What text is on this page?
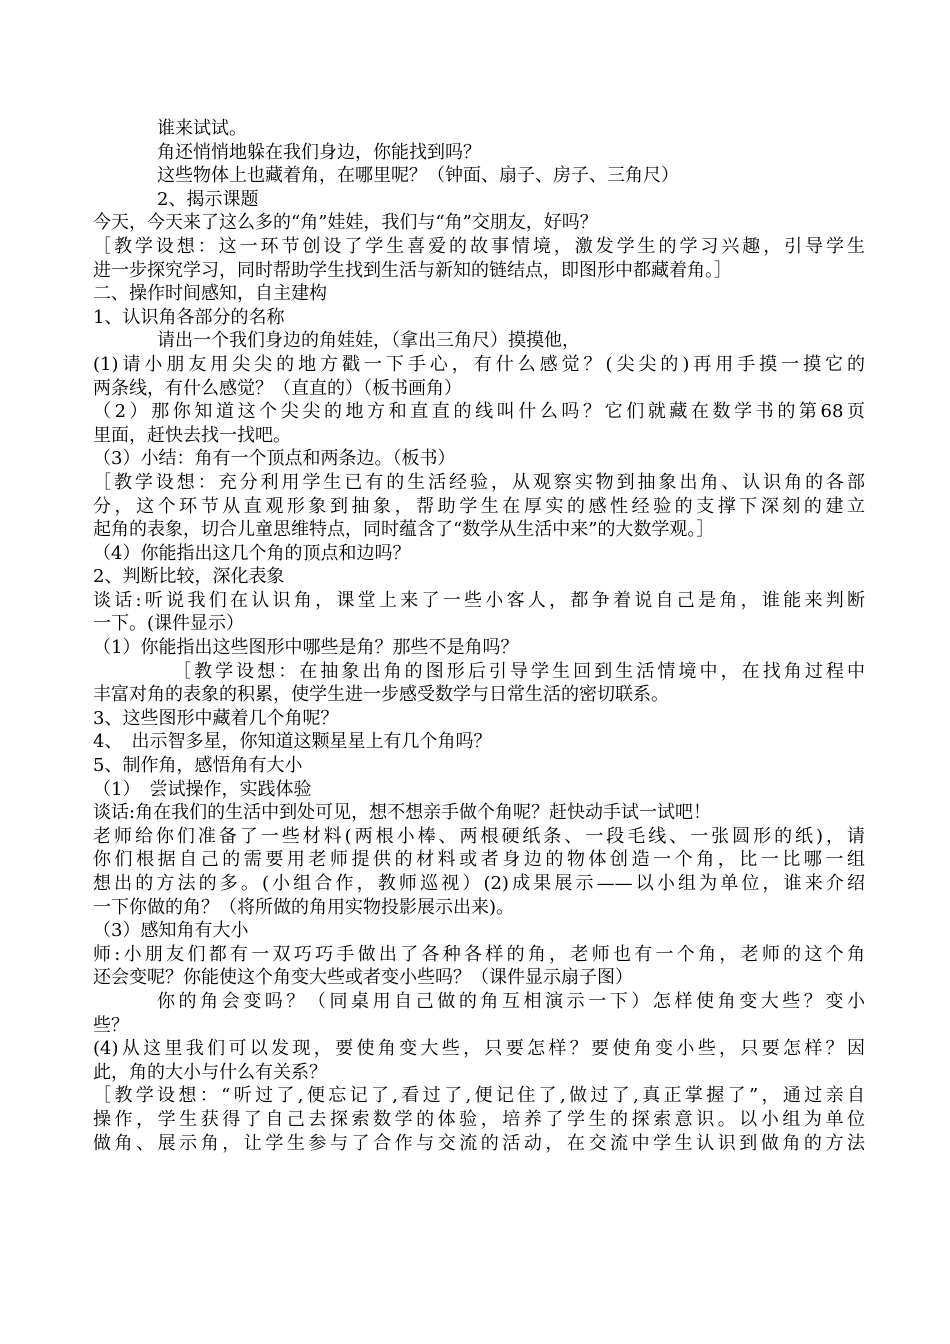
谁来试试。
角还悄悄地躲在我们身边，你能找到吗？
这些物体上也藏着角，在哪里呢？（钟面、扇子、房子、三角尺）
2、揭示课题
今天，今天来了这么多的“角”娃娃，我们与“角”交朋友，好吗？
［教学设想：这一环节创设了学生喜爱的故事情境，激发学生的学习兴趣，引导学生
进一步探究学习，同时帮助学生找到生活与新知的链结点，即图形中都藏着角。］
二、操作时间感知，自主建构
1、认识角各部分的名称
请出一个我们身边的角娃娃，（拿出三角尺）摸摸他，
(1)请小朋友用尖尖的地方戳一下手心，有什么感觉？(尖尖的)再用手摸一摸它的
两条线，有什么感觉？（直直的）（板书画角）
（2）那你知道这个尖尖的地方和直直的线叫什么吗？它们就藏在数学书的第68页
里面，赶快去找一找吧。
（3）小结：角有一个顶点和两条边。（板书）
［教学设想：充分利用学生已有的生活经验，从观察实物到抽象出角、认识角的各部
分，这个环节从直观形象到抽象，帮助学生在厚实的感性经验的支撑下深刻的建立
起角的表象，切合儿童思维特点，同时蕴含了“数学从生活中来”的大数学观。］
（4）你能指出这几个角的顶点和边吗？
2、判断比较，深化表象
谈话:听说我们在认识角，课堂上来了一些小客人，都争着说自己是角，谁能来判断
一下。(课件显示）
（1）你能指出这些图形中哪些是角？那些不是角吗？
［教学设想：在抽象出角的图形后引导学生回到生活情境中，在找角过程中
丰富对角的表象的积累，使学生进一步感受数学与日常生活的密切联系。
3、这些图形中藏着几个角呢？
4、　出示智多星，你知道这颗星星上有几个角吗？
5、制作角，感悟角有大小
（1）　尝试操作，实践体验
谈话:角在我们的生活中到处可见，想不想亲手做个角呢？赶快动手试一试吧！
老师给你们准备了一些材料(两根小棒、两根硬纸条、一段毛线、一张圆形的纸)，请
你们根据自己的需要用老师提供的材料或者身边的物体创造一个角，比一比哪一组
想出的方法的多。(小组合作，教师巡视）(2)成果展示——以小组为单位，谁来介绍
一下你做的角？（将所做的角用实物投影展示出来)。
（3）感知角有大小
师:小朋友们都有一双巧巧手做出了各种各样的角，老师也有一个角，老师的这个角
还会变呢？你能使这个角变大些或者变小些吗？（课件显示扇子图）
你的角会变吗？（同桌用自己做的角互相演示一下）怎样使角变大些？变小
些？
(4)从这里我们可以发现，要使角变大些，只要怎样？要使角变小些，只要怎样？因
此，角的大小与什么有关系？
［教学设想：“听过了,便忘记了,看过了,便记住了,做过了,真正掌握了”，通过亲自
操作，学生获得了自己去探索数学的体验，培养了学生的探索意识。以小组为单位
做角、展示角，让学生参与了合作与交流的活动，在交流中学生认识到做角的方法
